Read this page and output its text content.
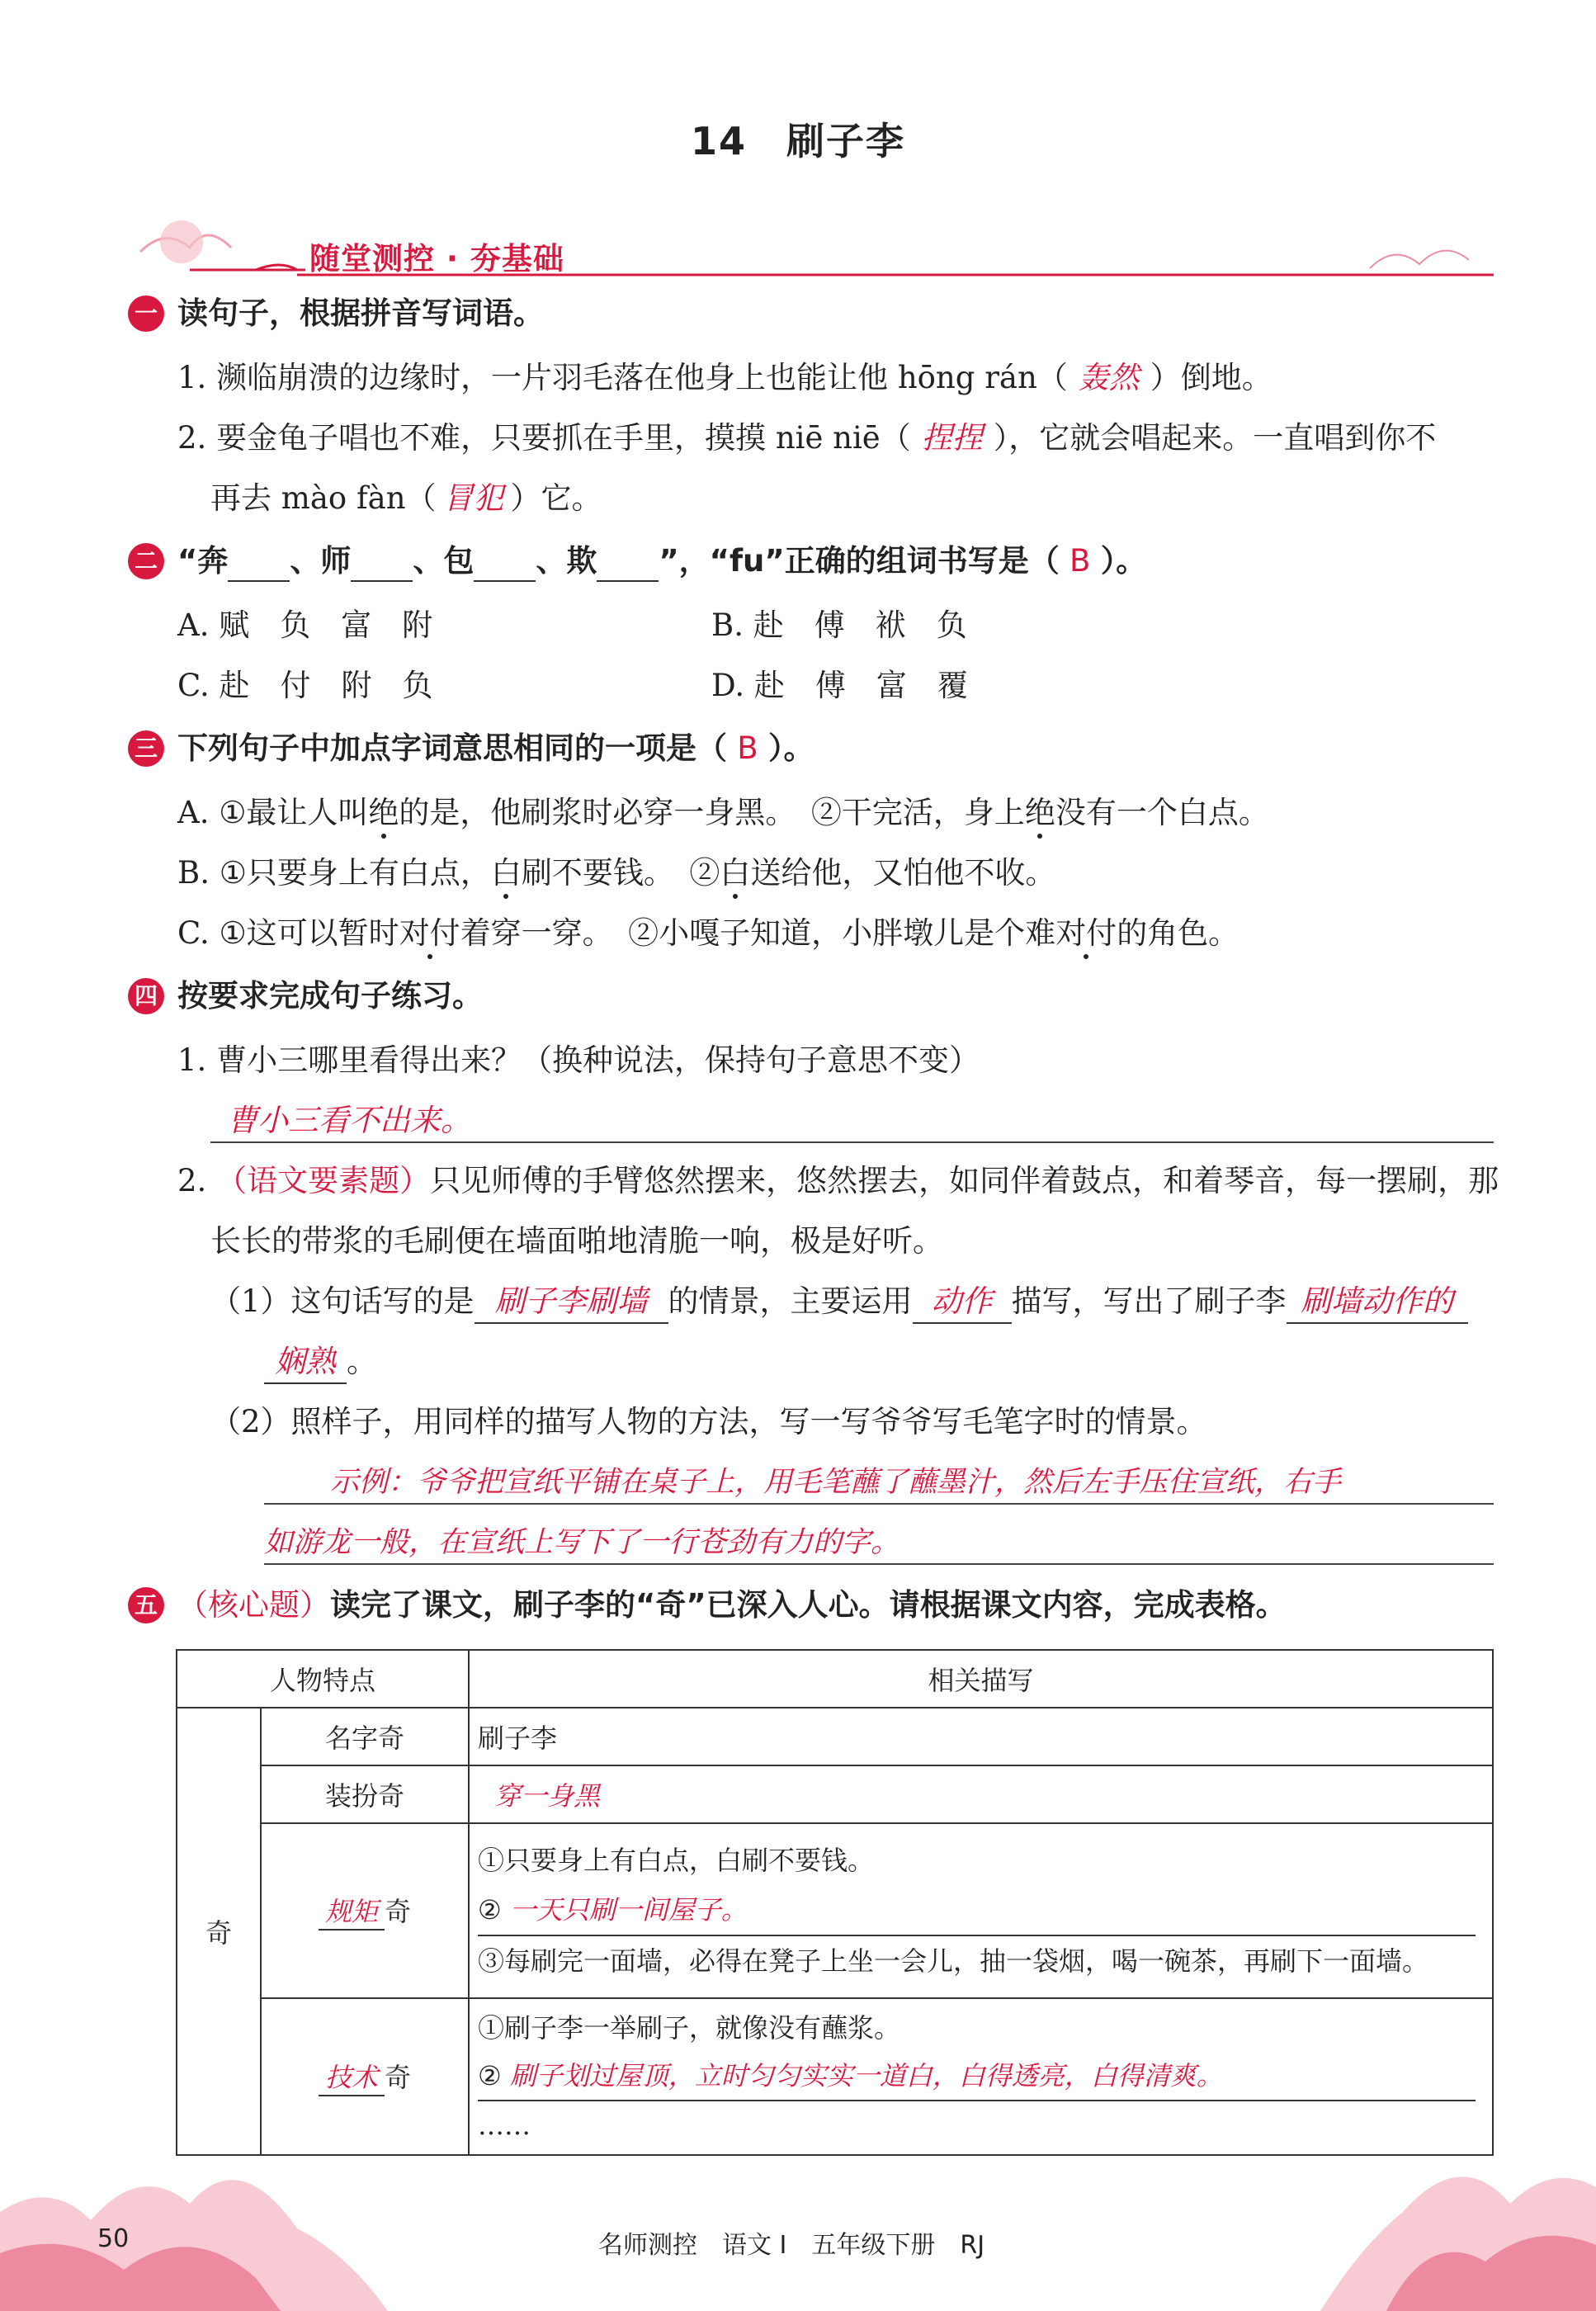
14　刷子李
随堂测控 · 夯基础
一 读句子，根据拼音写词语。
1. 濒临崩溃的边缘时，一片羽毛落在他身上也能让他 hōng rán（ 轰然 ）倒地。
2. 要金龟子唱也不难，只要抓在手里，摸摸 niē niē（ 捏捏 ），它就会唱起来。一直唱到你不
再去 mào fàn（ 冒犯 ）它。
二 “奔 、师 、包 、欺 ”，“fu”正确的组词书写是（ B ）。
A. 赋　负　富　附	B. 赴　傅　袱　负
C. 赴　付　附　负	D. 赴　傅　富　覆
三 下列句子中加点字词意思相同的一项是（ B ）。
A. ①最让人叫绝的是，他刷浆时必穿一身黑。　②干完活，身上绝没有一个白点。
B. ①只要身上有白点，白刷不要钱。　②白送给他，又怕他不收。
C. ①这可以暂时对付着穿一穿。　②小嘎子知道，小胖墩儿是个难对付的角色。
四 按要求完成句子练习。
1. 曹小三哪里看得出来？（换种说法，保持句子意思不变）
曹小三看不出来。
2. （语文要素题）只见师傅的手臂悠然摆来，悠然摆去，如同伴着鼓点，和着琴音，每一摆刷，那
长长的带浆的毛刷便在墙面啪地清脆一响，极是好听。
（1）这句话写的是 刷子李刷墙 的情景，主要运用 动作 描写，写出了刷子李 刷墙动作的
娴熟 。
（2）照样子，用同样的描写人物的方法，写一写爷爷写毛笔字时的情景。
示例：爷爷把宣纸平铺在桌子上，用毛笔蘸了蘸墨汁，然后左手压住宣纸，右手
如游龙一般，在宣纸上写下了一行苍劲有力的字。
五 （核心题）读完了课文，刷子李的“奇”已深入人心。请根据课文内容，完成表格。
人物特点		相关描写
奇	名字奇	刷子李
	装扮奇	穿一身黑
	规矩 奇	①只要身上有白点，白刷不要钱。
② 一天只刷一间屋子。
③每刷完一面墙，必得在凳子上坐一会儿，抽一袋烟，喝一碗茶，再刷下一面墙。

	技术 奇	①刷子李一举刷子，就像没有蘸浆。
② 刷子划过屋顶，立时匀匀实实一道白，白得透亮，白得清爽。
……
50	名师测控　语文 Ⅰ　五年级下册　RJ
